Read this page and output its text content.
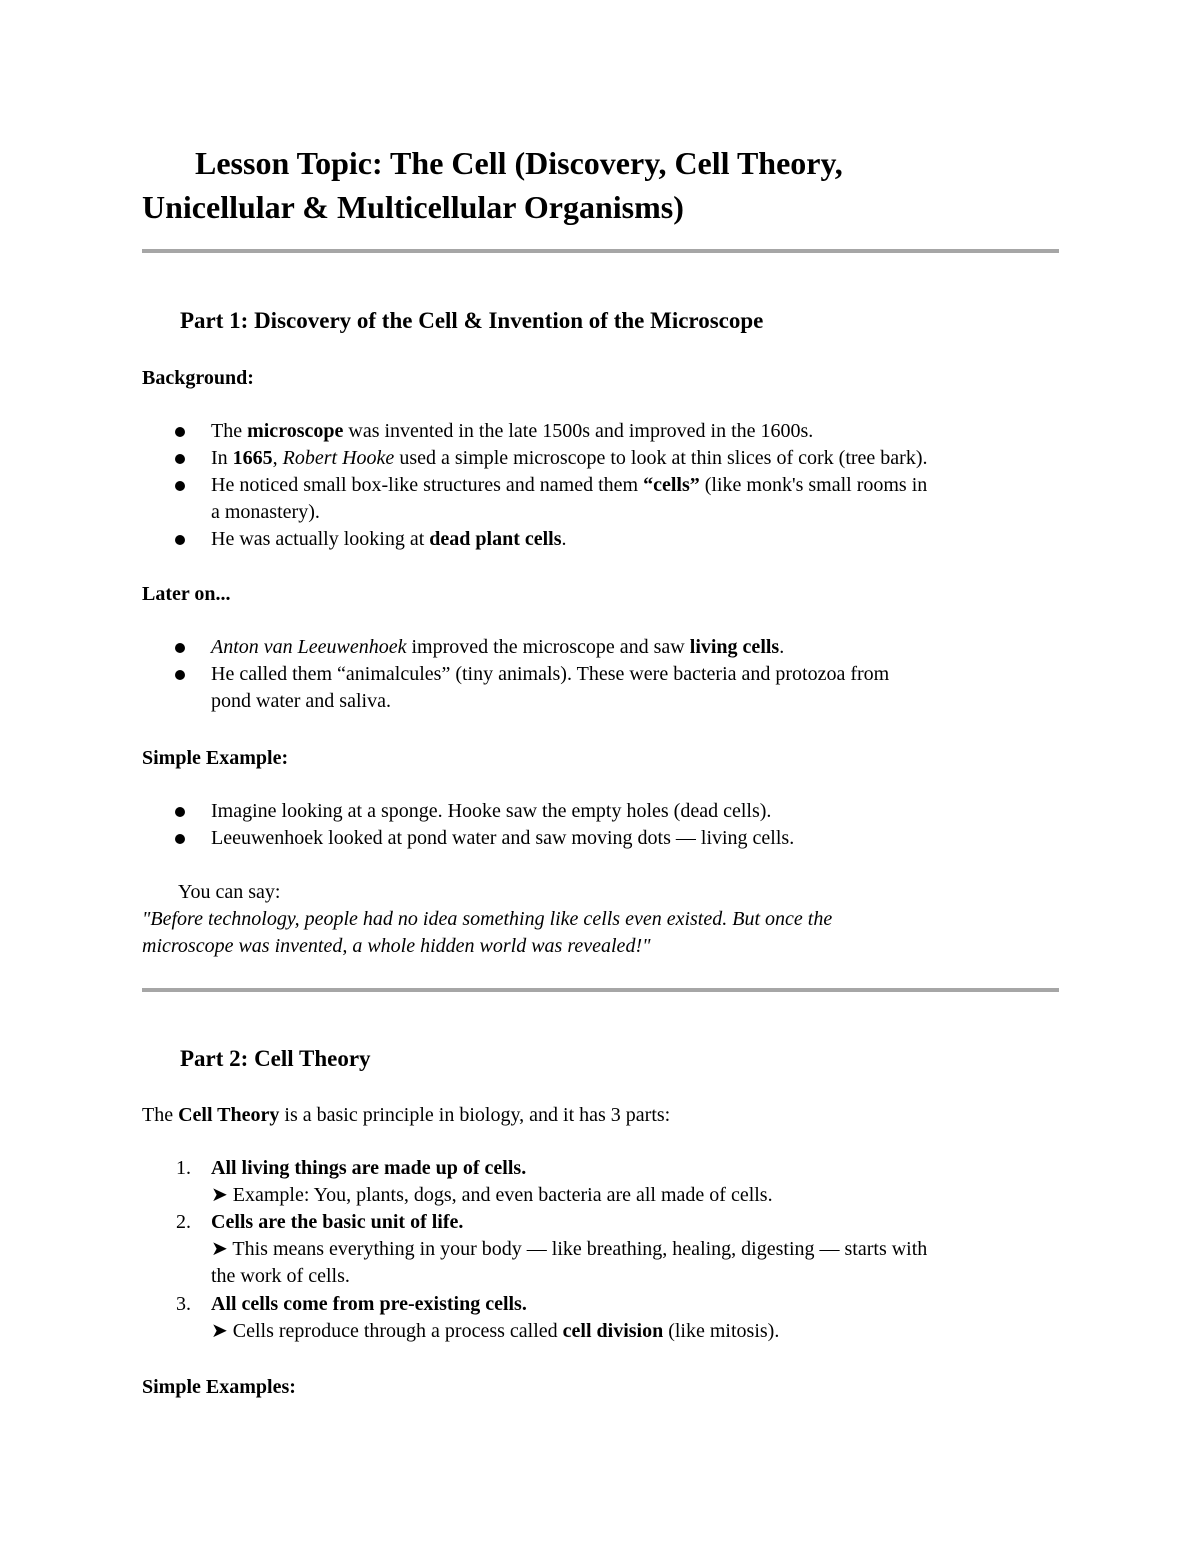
Lesson Topic: The Cell (Discovery, Cell Theory,
Unicellular & Multicellular Organisms)
Part 1: Discovery of the Cell & Invention of the Microscope
Background:
The microscope was invented in the late 1500s and improved in the 1600s.
In 1665, Robert Hooke used a simple microscope to look at thin slices of cork (tree bark).
He noticed small box-like structures and named them “cells” (like monk's small rooms in
a monastery).
He was actually looking at dead plant cells.
Later on...
Anton van Leeuwenhoek improved the microscope and saw living cells.
He called them “animalcules” (tiny animals). These were bacteria and protozoa from
pond water and saliva.
Simple Example:
Imagine looking at a sponge. Hooke saw the empty holes (dead cells).
Leeuwenhoek looked at pond water and saw moving dots — living cells.
You can say:
"Before technology, people had no idea something like cells even existed. But once the
microscope was invented, a whole hidden world was revealed!"
Part 2: Cell Theory
The Cell Theory is a basic principle in biology, and it has 3 parts:
1. All living things are made up of cells.
➤ Example: You, plants, dogs, and even bacteria are all made of cells.
2. Cells are the basic unit of life.
➤ This means everything in your body — like breathing, healing, digesting — starts with
the work of cells.
3. All cells come from pre-existing cells.
➤ Cells reproduce through a process called cell division (like mitosis).
Simple Examples:
